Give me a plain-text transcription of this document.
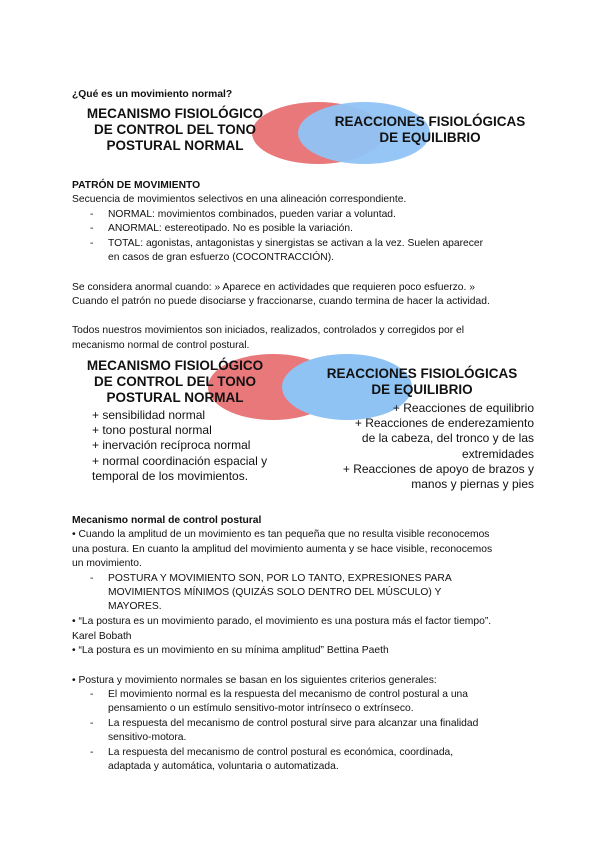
¿Qué es un movimiento normal?
MECANISMO FISIOLÓGICO
DE CONTROL DEL TONO
POSTURAL NORMAL
REACCIONES FISIOLÓGICAS
DE EQUILIBRIO
PATRÓN DE MOVIMIENTO
Secuencia de movimientos selectivos en una alineación correspondiente.
- NORMAL: movimientos combinados, pueden variar a voluntad.
- ANORMAL: estereotipado. No es posible la variación.
- TOTAL: agonistas, antagonistas y sinergistas se activan a la vez. Suelen aparecer
en casos de gran esfuerzo (COCONTRACCIÓN).
Se considera anormal cuando: » Aparece en actividades que requieren poco esfuerzo. »
Cuando el patrón no puede disociarse y fraccionarse, cuando termina de hacer la actividad.
Todos nuestros movimientos son iniciados, realizados, controlados y corregidos por el
mecanismo normal de control postural.
MECANISMO FISIOLÓGICO
DE CONTROL DEL TONO
POSTURAL NORMAL
REACCIONES FISIOLÓGICAS
DE EQUILIBRIO
+ sensibilidad normal
+ tono postural normal
+ inervación recíproca normal
+ normal coordinación espacial y
temporal de los movimientos.
+ Reacciones de equilibrio
+ Reacciones de enderezamiento
de la cabeza, del tronco y de las
extremidades
+ Reacciones de apoyo de brazos y
manos y piernas y pies
Mecanismo normal de control postural
• Cuando la amplitud de un movimiento es tan pequeña que no resulta visible reconocemos
una postura. En cuanto la amplitud del movimiento aumenta y se hace visible, reconocemos
un movimiento.
- POSTURA Y MOVIMIENTO SON, POR LO TANTO, EXPRESIONES PARA
MOVIMIENTOS MÍNIMOS (QUIZÁS SOLO DENTRO DEL MÚSCULO) Y
MAYORES.
• “La postura es un movimiento parado, el movimiento es una postura más el factor tiempo”.
Karel Bobath
• “La postura es un movimiento en su mínima amplitud” Bettina Paeth
• Postura y movimiento normales se basan en los siguientes criterios generales:
- El movimiento normal es la respuesta del mecanismo de control postural a una
pensamiento o un estímulo sensitivo-motor intrínseco o extrínseco.
- La respuesta del mecanismo de control postural sirve para alcanzar una finalidad
sensitivo-motora.
- La respuesta del mecanismo de control postural es económica, coordinada,
adaptada y automática, voluntaria o automatizada.
